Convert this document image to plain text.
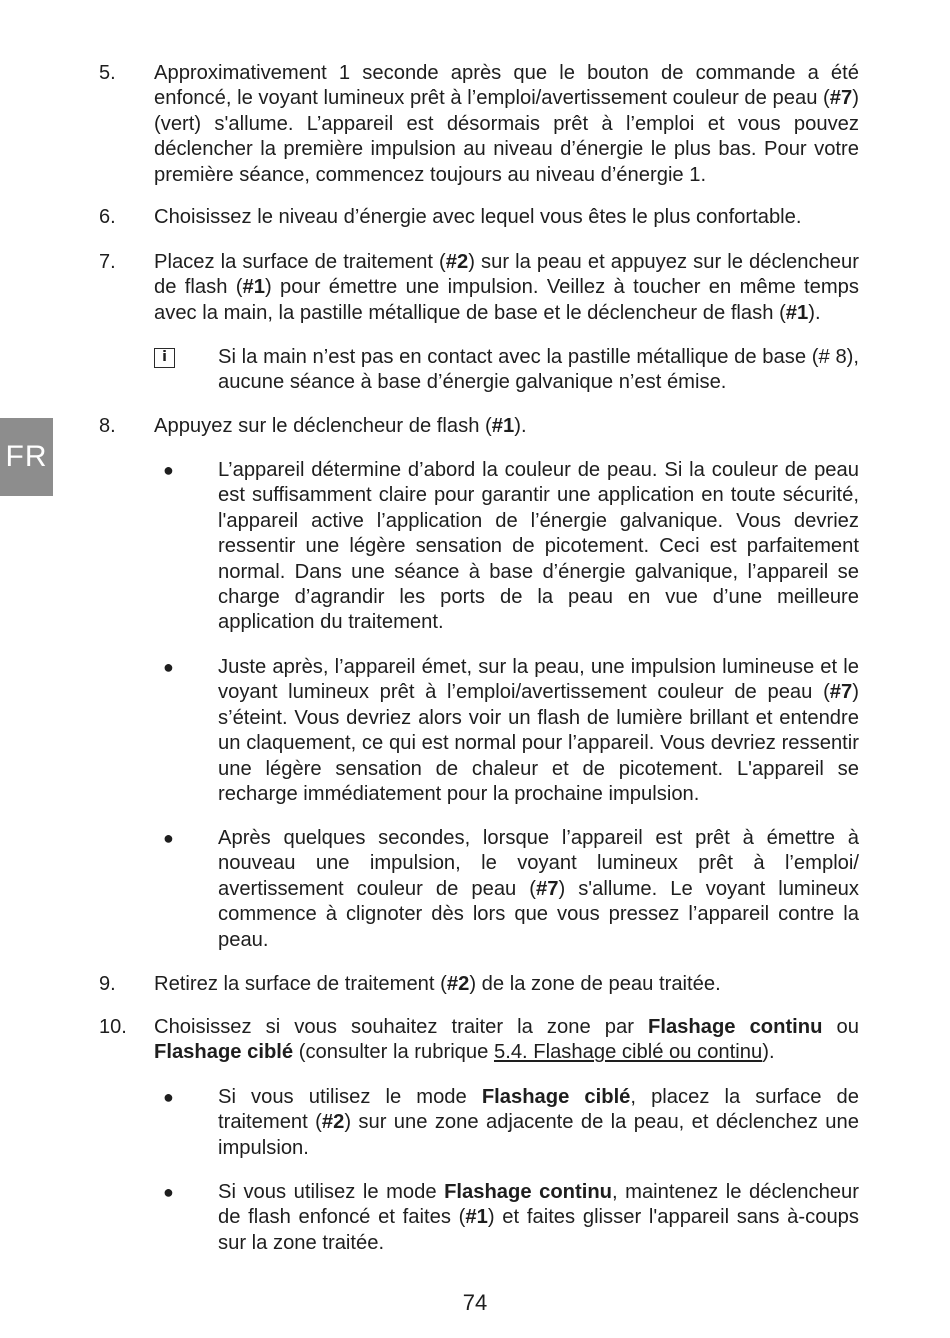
FR
5. Approximativement 1 seconde après que le bouton de commande a été enfoncé, le voyant lumineux prêt à l’emploi/avertissement couleur de peau (#7) (vert) s'allume. L’appareil est désormais prêt à l’emploi et vous pouvez déclencher la première impulsion au niveau d’énergie le plus bas. Pour votre première séance, commencez toujours au niveau d’énergie 1.
6. Choisissez le niveau d’énergie avec lequel vous êtes le plus confortable.
7. Placez la surface de traitement (#2) sur la peau et appuyez sur le déclencheur de flash (#1) pour émettre une impulsion. Veillez à toucher en même temps avec la main, la pastille métallique de base et le déclencheur de flash (#1).
i	Si la main n’est pas en contact avec la pastille métallique de base (# 8), aucune séance à base d’énergie galvanique n’est émise.
8. Appuyez sur le déclencheur de flash (#1).
● L’appareil détermine d’abord la couleur de peau. Si la couleur de peau est suffisamment claire pour garantir une application en toute sécurité, l'appareil active l’application de l’énergie galvanique. Vous devriez ressentir une légère sensation de picotement. Ceci est parfaitement normal. Dans une séance à base d’énergie galvanique, l’appareil se charge d’agrandir les ports de la peau en vue d’une meilleure application du traitement.
● Juste après, l’appareil émet, sur la peau, une impulsion lumineuse et le voyant lumineux prêt à l’emploi/avertissement couleur de peau (#7) s’éteint. Vous devriez alors voir un flash de lumière brillant et entendre un claquement, ce qui est normal pour l’appareil. Vous devriez ressentir une légère sensation de chaleur et de picotement. L'appareil se recharge immédiatement pour la prochaine impulsion.
● Après quelques secondes, lorsque l’appareil est prêt à émettre à nouveau une impulsion, le voyant lumineux prêt à l’emploi/ avertissement couleur de peau (#7) s'allume. Le voyant lumineux commence à clignoter dès lors que vous pressez l’appareil contre la peau.
9. Retirez la surface de traitement (#2) de la zone de peau traitée.
10. Choisissez si vous souhaitez traiter la zone par Flashage continu ou Flashage ciblé (consulter la rubrique 5.4. Flashage ciblé ou continu).
● Si vous utilisez le mode Flashage ciblé, placez la surface de traitement (#2) sur une zone adjacente de la peau, et déclenchez une impulsion.
● Si vous utilisez le mode Flashage continu, maintenez le déclencheur de flash enfoncé et faites (#1) et faites glisser l'appareil sans à-coups sur la zone traitée.
74
